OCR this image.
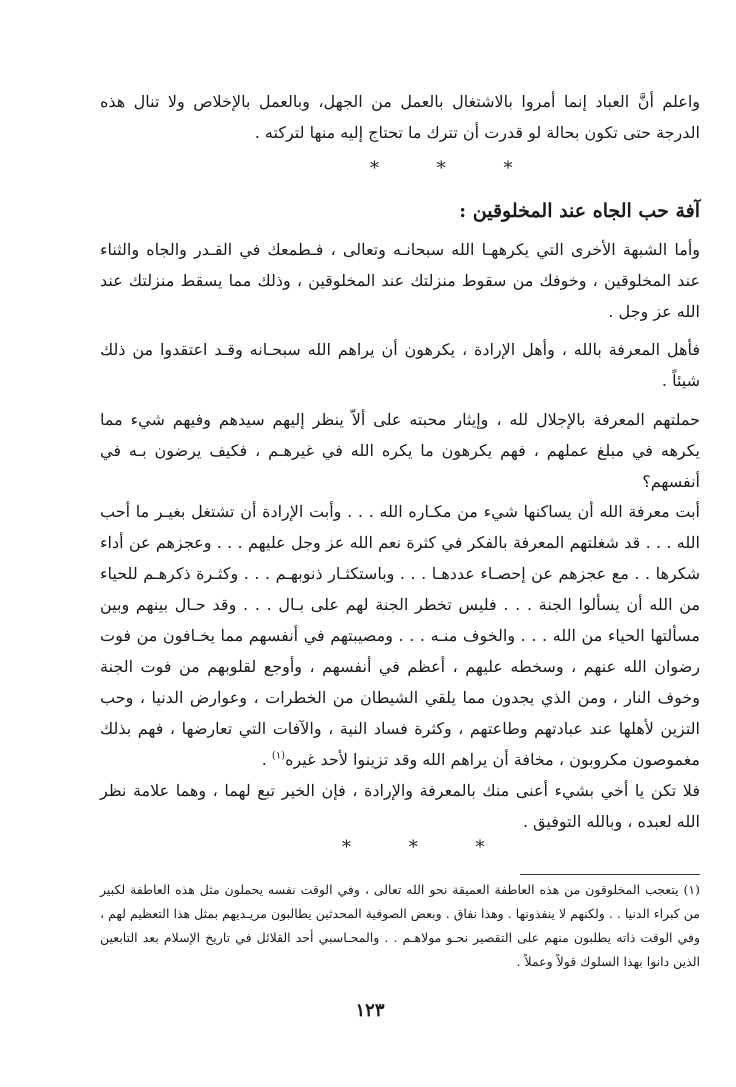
واعلم أنَّ العباد إنما أمروا بالاشتغال بالعمل من الجهل، وبالعمل بالإخلاص ولا تنال هذه الدرجة حتى تكون بحالة لو قدرت أن تترك ما تحتاج إليه منها لتركته .

* * *
آفة حب الجاه عند المخلوقين :

وأما الشبهة الأخرى التي يكرههـا الله سبحانـه وتعالى ، فـطمعك في القـدر والجاه والثناء عند المخلوقين ، وخوفك من سقوط منزلتك عند المخلوقين ، وذلك مما يسقط منزلتك عند الله عز وجل .

فأهل المعرفة بالله ، وأهل الإرادة ، يكرهون أن يراهم الله سبحـانه وقـد اعتقدوا من ذلك شيئاً .

حملتهم المعرفة بالإجلال لله ، وإيثار محبته على ألاّ ينظر إليهم سيدهم وفيهم شيء مما يكرهه في مبلغ عملهم ، فهم يكرهون ما يكره الله في غيرهـم ، فكيف يرضون بـه في أنفسهم؟

أبت معرفة الله أن يساكنها شيء من مكـاره الله . . . وأبت الإرادة أن تشتغل بغيـر ما أحب الله . . . قد شغلتهم المعرفة بالفكر في كثرة نعم الله عز وجل عليهم . . . وعجزهم عن أداء شكرها . . مع عجزهم عن إحصـاء عددهـا . . . وباستكثـار ذنوبهـم . . . وكثـرة ذكرهـم للحياء من الله أن يسألوا الجنة . . . فليس تخطر الجنة لهم على بـال . . . وقد حـال بينهم وبين مسألتها الحياء من الله . . . والخوف منـه . . . ومصيبتهم في أنفسهم مما يخـافون من فوت رضوان الله عنهم ، وسخطه عليهم ، أعظم في أنفسهم ، وأوجع لقلوبهم من فوت الجنة وخوف النار ، ومن الذي يجدون مما يلقي الشيطان من الخطرات ، وعوارض الدنيا ، وحب التزين لأهلها عند عبادتهم وطاعتهم ، وكثرة فساد النية ، والآفات التي تعارضها ، فهم بذلك مغموصون مكروبون ، مخافة أن يراهم الله وقد تزينوا لأحد غيره$^{(١)}$ .

فلا تكن يا أخي بشيء أعنى منك بالمعرفة والإرادة ، فإن الخير تبع لهما ، وهما علامة نظر الله لعبده ، وبالله التوفيق .

* * *

(١) يتعجب المخلوقون من هذه العاطفة العميقة نحو الله تعالى ، وفي الوقت نفسه يحملون مثل هذه العاطفة لكبير من كبراء الدنيا . . ولكنهم لا ينفذونها . وهذا نفاق . وبعض الصوفية المحدثين يطالبون مريـديهم بمثل هذا التعظيم لهم ، وفي الوقت ذاته يطلبون منهم على التقصير نحـو مولاهـم . . والمحـاسبي أحد القلائل في تاريخ الإسلام بعد التابعين الذين دانوا بهذا السلوك قولاً وعملاً .

١٢٣
